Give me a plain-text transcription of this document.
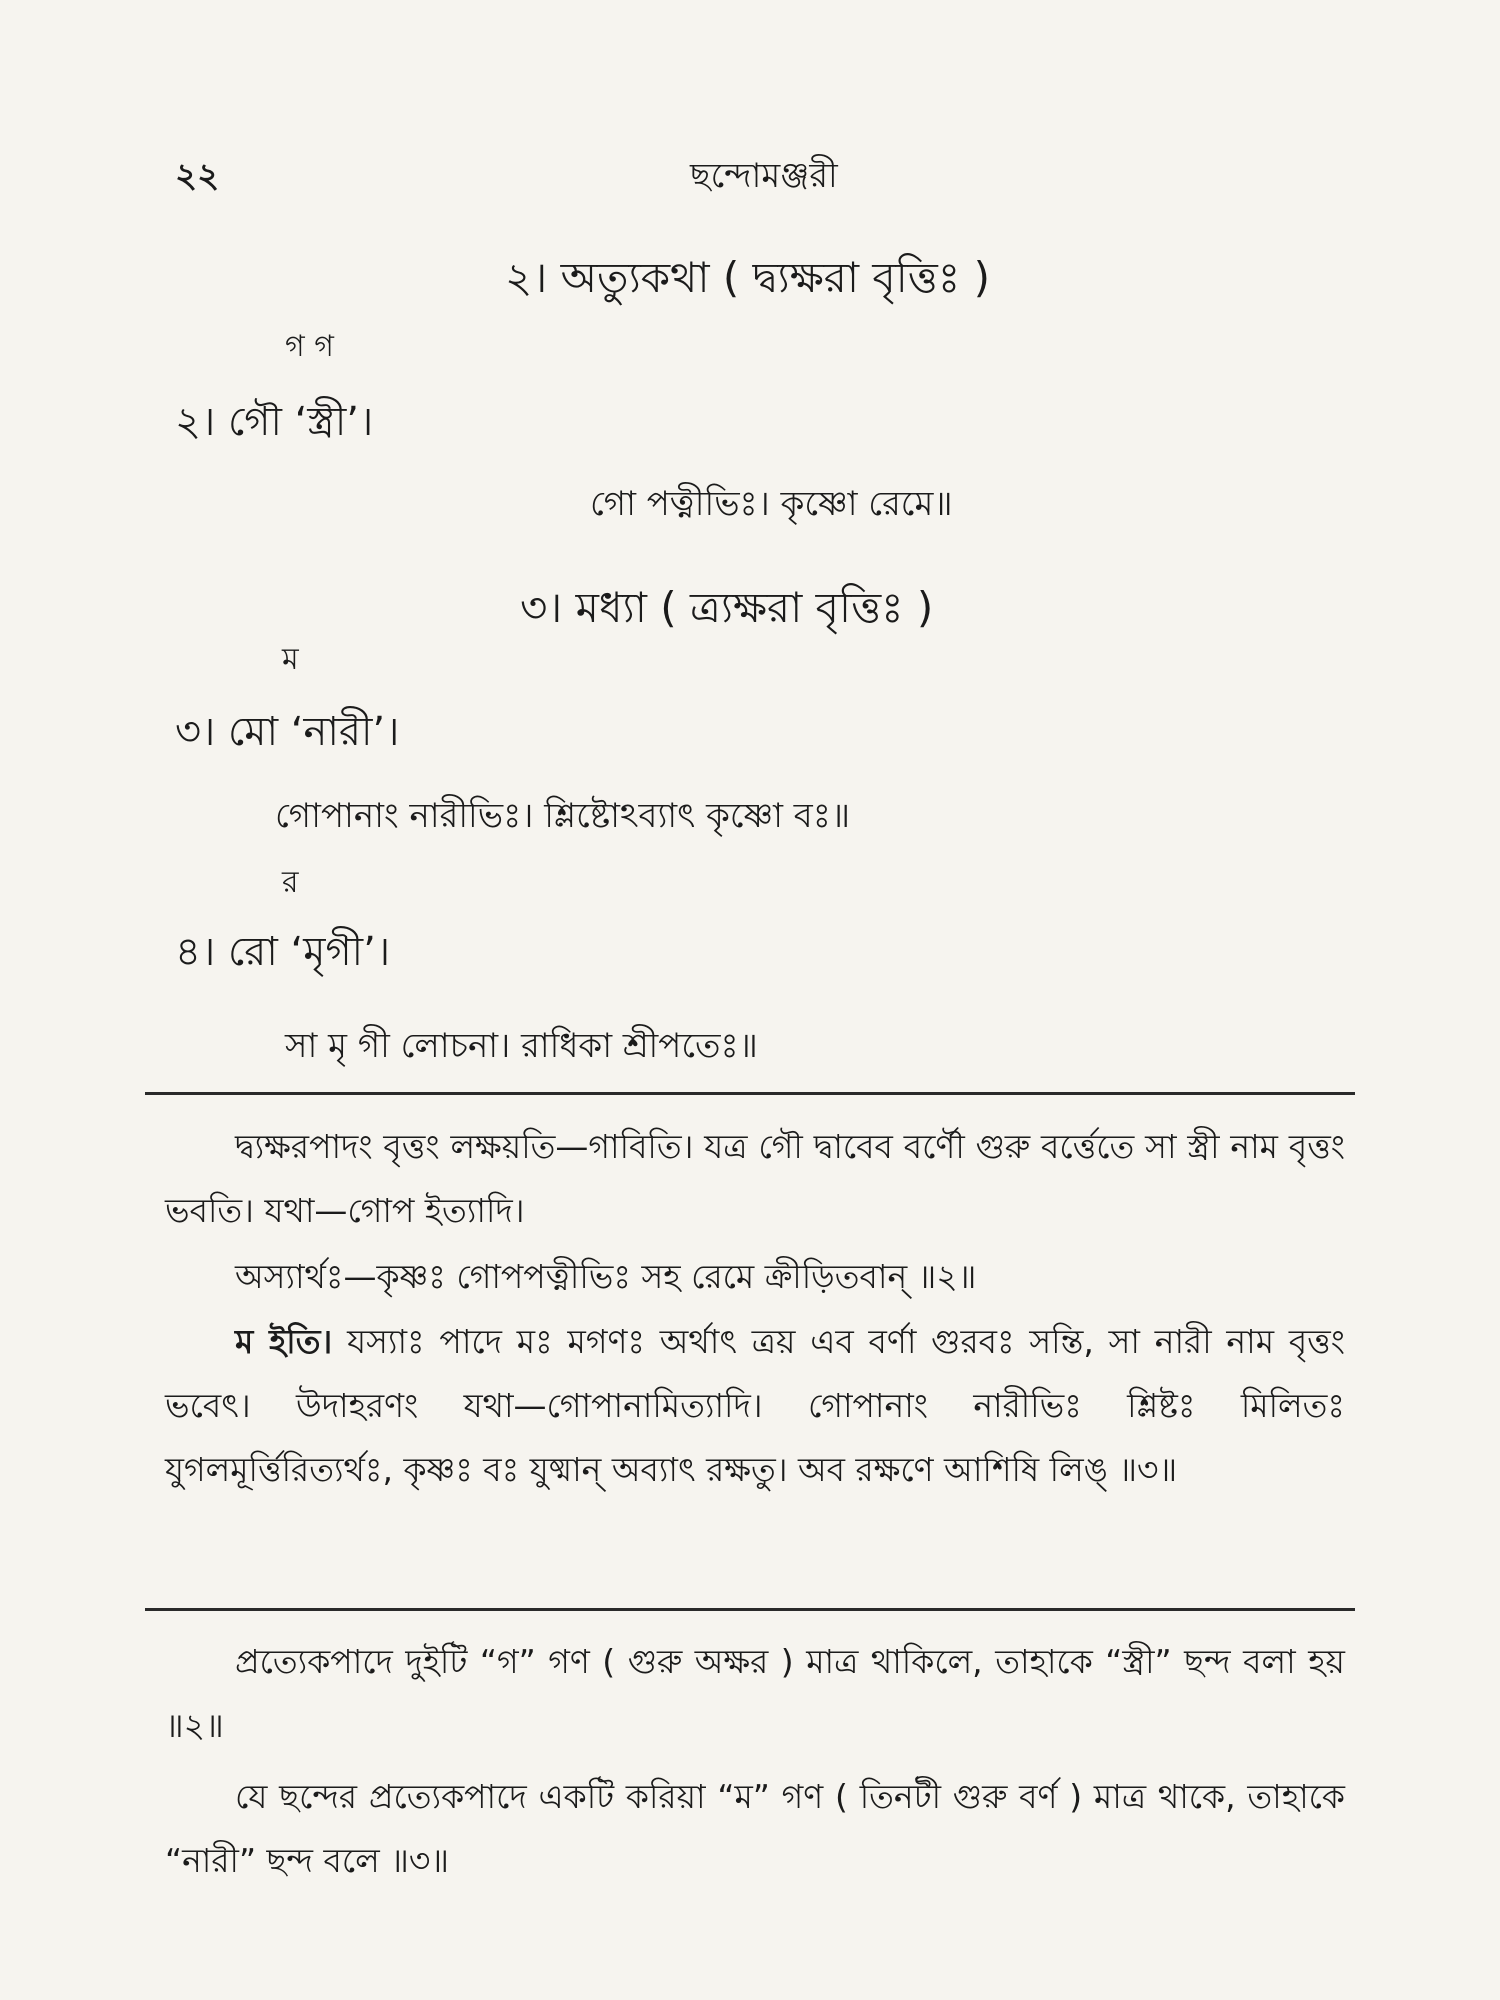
২২	ছন্দোমঞ্জরী
২। অত্যুকথা ( দ্ব্যক্ষরা বৃত্তিঃ )
গ গ
২। গৌ ‘স্ত্রী’।
গো পত্নীভিঃ। কৃষ্ণো রেমে॥
৩। মধ্যা ( ত্র্যক্ষরা বৃত্তিঃ )
ম
৩। মো ‘নারী’।
গোপানাং নারীভিঃ। শ্লিষ্টোঽব্যাৎ কৃষ্ণো বঃ॥
র
৪। রো ‘মৃগী’।
সা মৃ গী লোচনা। রাধিকা শ্রীপতেঃ॥
দ্ব্যক্ষরপাদং বৃত্তং লক্ষয়তি—গাবিতি। যত্র গৌ দ্বাবেব বর্ণৌ গুরু বর্ত্তেতে সা স্ত্রী নাম বৃত্তং ভবতি। যথা—গোপ ইত্যাদি।
অস্যার্থঃ—কৃষ্ণঃ গোপপত্নীভিঃ সহ রেমে ক্রীড়িতবান্ ॥২॥
ম ইতি। যস্যাঃ পাদে মঃ মগণঃ অর্থাৎ ত্রয় এব বর্ণা গুরবঃ সন্তি, সা নারী নাম বৃত্তং ভবেৎ। উদাহরণং যথা—গোপানামিত্যাদি। গোপানাং নারীভিঃ শ্লিষ্টঃ মিলিতঃ যুগলমূর্ত্তিরিত্যর্থঃ, কৃষ্ণঃ বঃ যুষ্মান্ অব্যাৎ রক্ষতু। অব রক্ষণে আশিষি লিঙ্ ॥৩॥
প্রত্যেকপাদে দুইটি “গ” গণ ( গুরু অক্ষর ) মাত্র থাকিলে, তাহাকে “স্ত্রী” ছন্দ বলা হয় ॥২॥
যে ছন্দের প্রত্যেকপাদে একটি করিয়া “ম” গণ ( তিনটী গুরু বর্ণ ) মাত্র থাকে, তাহাকে “নারী” ছন্দ বলে ॥৩॥
